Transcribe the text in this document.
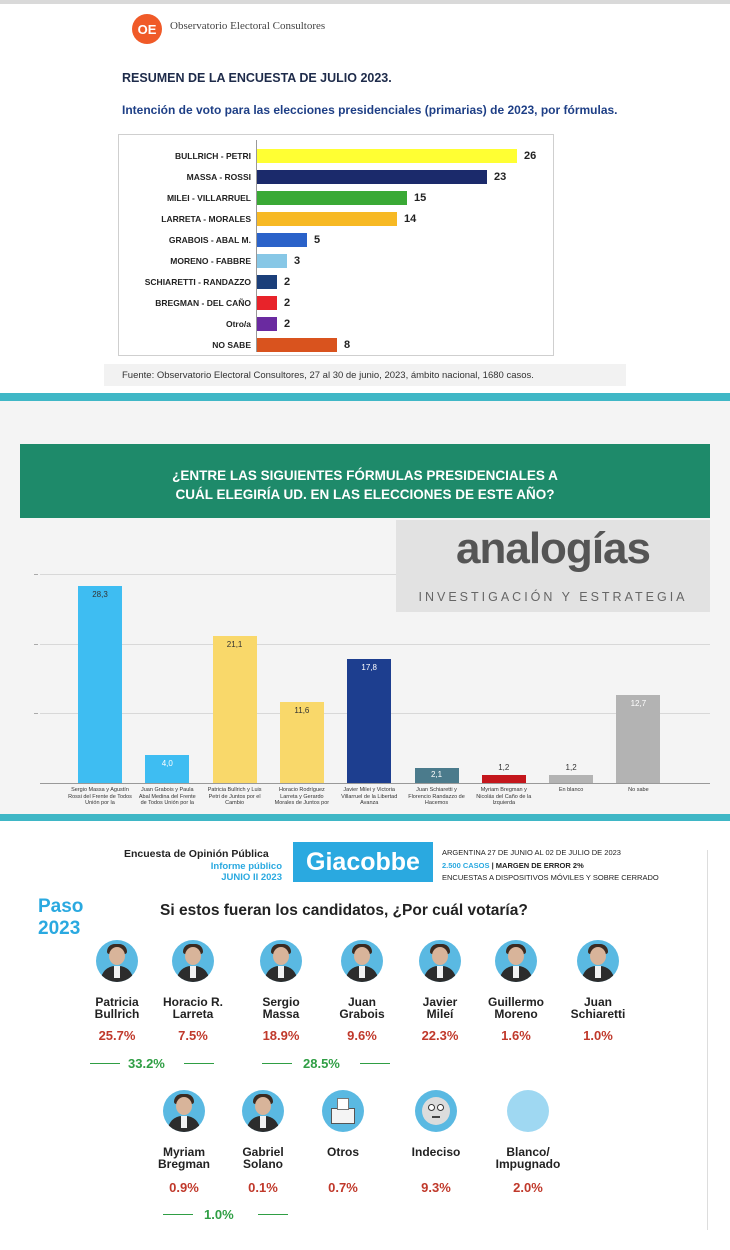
OE	Observatorio Electoral Consultores
RESUMEN DE LA ENCUESTA DE JULIO 2023.
Intención de voto para las elecciones presidenciales (primarias) de 2023, por fórmulas.
BULLRICH - PETRI	26
MASSA - ROSSI	23
MILEI - VILLARRUEL	15
LARRETA - MORALES	14
GRABOIS - ABAL M.	5
MORENO - FABBRE	3
SCHIARETTI - RANDAZZO	2
BREGMAN - DEL CAÑO	2
Otro/a	2
NO SABE	8
Fuente: Observatorio Electoral Consultores, 27 al 30 de junio, 2023, ámbito nacional, 1680 casos.
¿ENTRE LAS SIGUIENTES FÓRMULAS PRESIDENCIALES A
CUÁL ELEGIRÍA UD. EN LAS ELECCIONES DE ESTE AÑO?
28,3
Sergio Massa y Agustín Rossi del Frente de Todos Unión por la
4,0
Juan Grabois y Paula Abal Medina del Frente de Todos Unión por la
21,1
Patricia Bullrich y Luis Petri de Juntos por el Cambio
11,6
Horacio Rodríguez Larreta y Gerardo Morales de Juntos por
17,8
Javier Milei y Victoria Villarruel de la Libertad Avanza
2,1
Juan Schiaretti y Florencio Randazzo de Hacemos
1,2
Myriam Bregman y Nicolás del Caño de la Izquierda
1,2
En blanco
12,7
No sabe
analogías
INVESTIGACIÓN Y ESTRATEGIA
Encuesta de Opinión Pública
Informe público
JUNIO II 2023
Giacobbe	ARGENTINA 27 DE JUNIO AL 02 DE JULIO DE 2023
2.500 CASOS | MARGEN DE ERROR 2%
ENCUESTAS A DISPOSITIVOS MÓVILES Y SOBRE CERRADO
Paso
2023
Si estos fueran los candidatos, ¿Por cuál votaría?
Patricia
Bullrich
25.7%
Horacio R.
Larreta
7.5%
Sergio
Massa
18.9%
Juan
Grabois
9.6%
Javier
Mileí
22.3%
Guillermo
Moreno
1.6%
Juan
Schiaretti
1.0%
Myriam
Bregman
0.9%
Gabriel
Solano
0.1%
Otros
0.7%
Indeciso
9.3%
Blanco/
Impugnado
2.0%
33.2%	28.5%
1.0%
